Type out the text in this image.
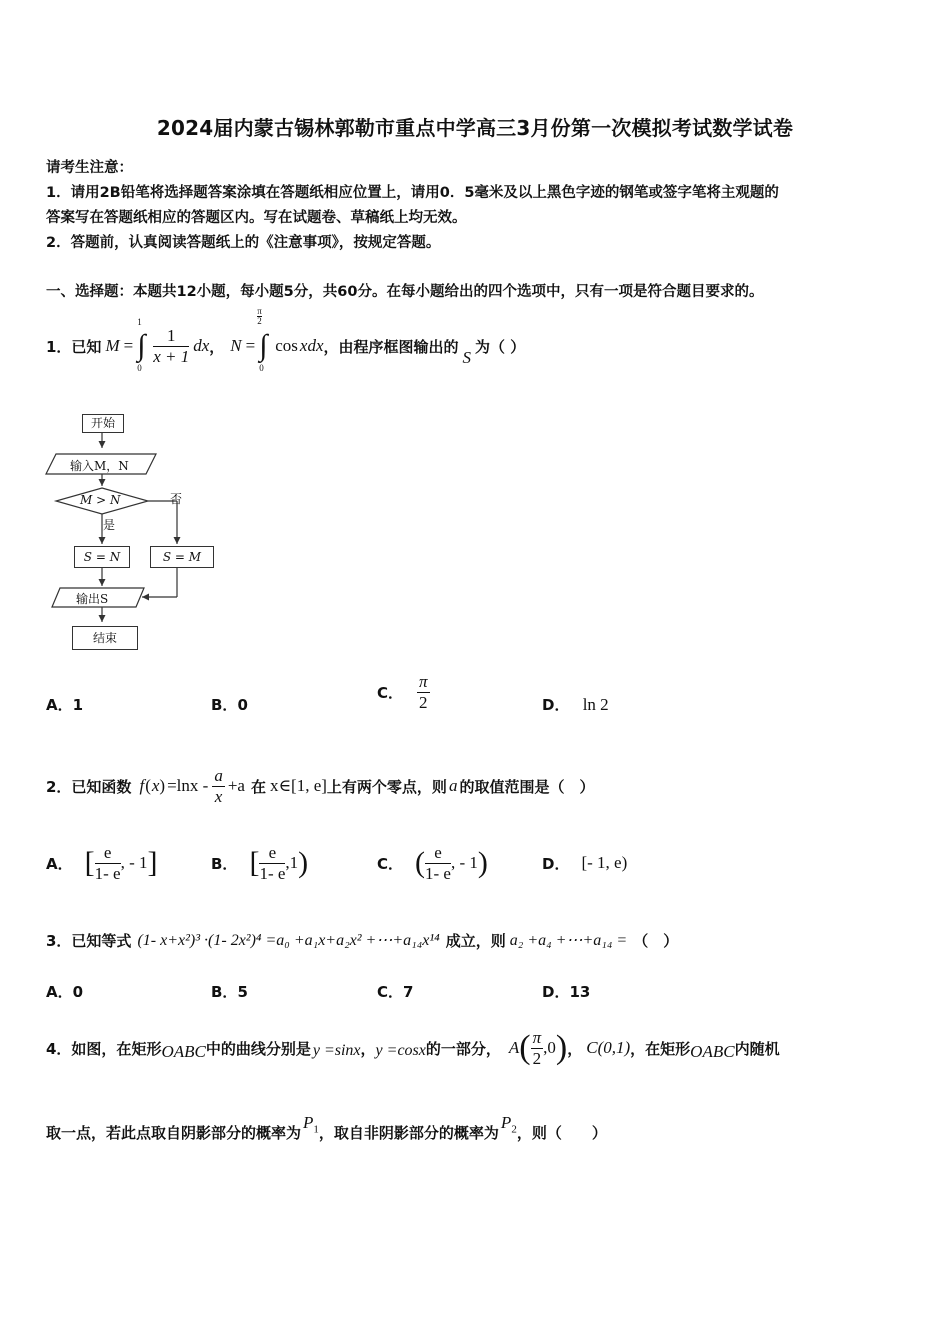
2024届内蒙古锡林郭勒市重点中学高三3月份第一次模拟考试数学试卷
请考生注意：
1．请用2B铅笔将选择题答案涂填在答题纸相应位置上，请用0．5毫米及以上黑色字迹的钢笔或签字笔将主观题的
答案写在答题纸相应的答题区内。写在试题卷、草稿纸上均无效。
2．答题前，认真阅读答题纸上的《注意事项》，按规定答题。
一、选择题：本题共12小题，每小题5分，共60分。在每小题给出的四个选项中，只有一项是符合题目要求的。
1．已知 M = ∫
1
0
$\frac{1}{x + 1}$ dx ， N = ∫
$\frac{\pi}{2}$
0
cos xdx ，由程序框图输出的
S
为（ ）
开始
输入M，N
M > N
是
否
S = N	S = M
输出S
结束
A．1	B．0
C． $\frac{\pi}{2}$	D． ln 2
2．已知函数 f ( x ) $=\ln x - \frac{a}{x} +a$ 在 x∈[1, e] 上有两个零点，则 a 的取值范围是（　）
A． [ $\frac{e}{1- e}$ , - 1 ]	B． [ $\frac{e}{1- e} ,1$ )	C． ( $\frac{e}{1- e}$ , - 1 )	D． [- 1, e)
3．已知等式 (1- x+x²)³ ·(1- 2x²)⁴ =a₀ +a₁x+a₂x² +⋯+a₁₄x¹⁴ 成立，则 a₂ +a₄ +⋯+a₁₄ = （　）
A．0	B．5	C．7	D．13
4．如图，在矩形 OABC 中的曲线分别是 y =sinx ， y =cosx 的一部分， A ( $\frac{\pi}{2} ,0$ ) ， C(0,1) ，在矩形 OABC 内随机
取一点，若此点取自阴影部分的概率为
$P_1$ ，取自非阴影部分的概率为
$P_2$ ，则（　　）
